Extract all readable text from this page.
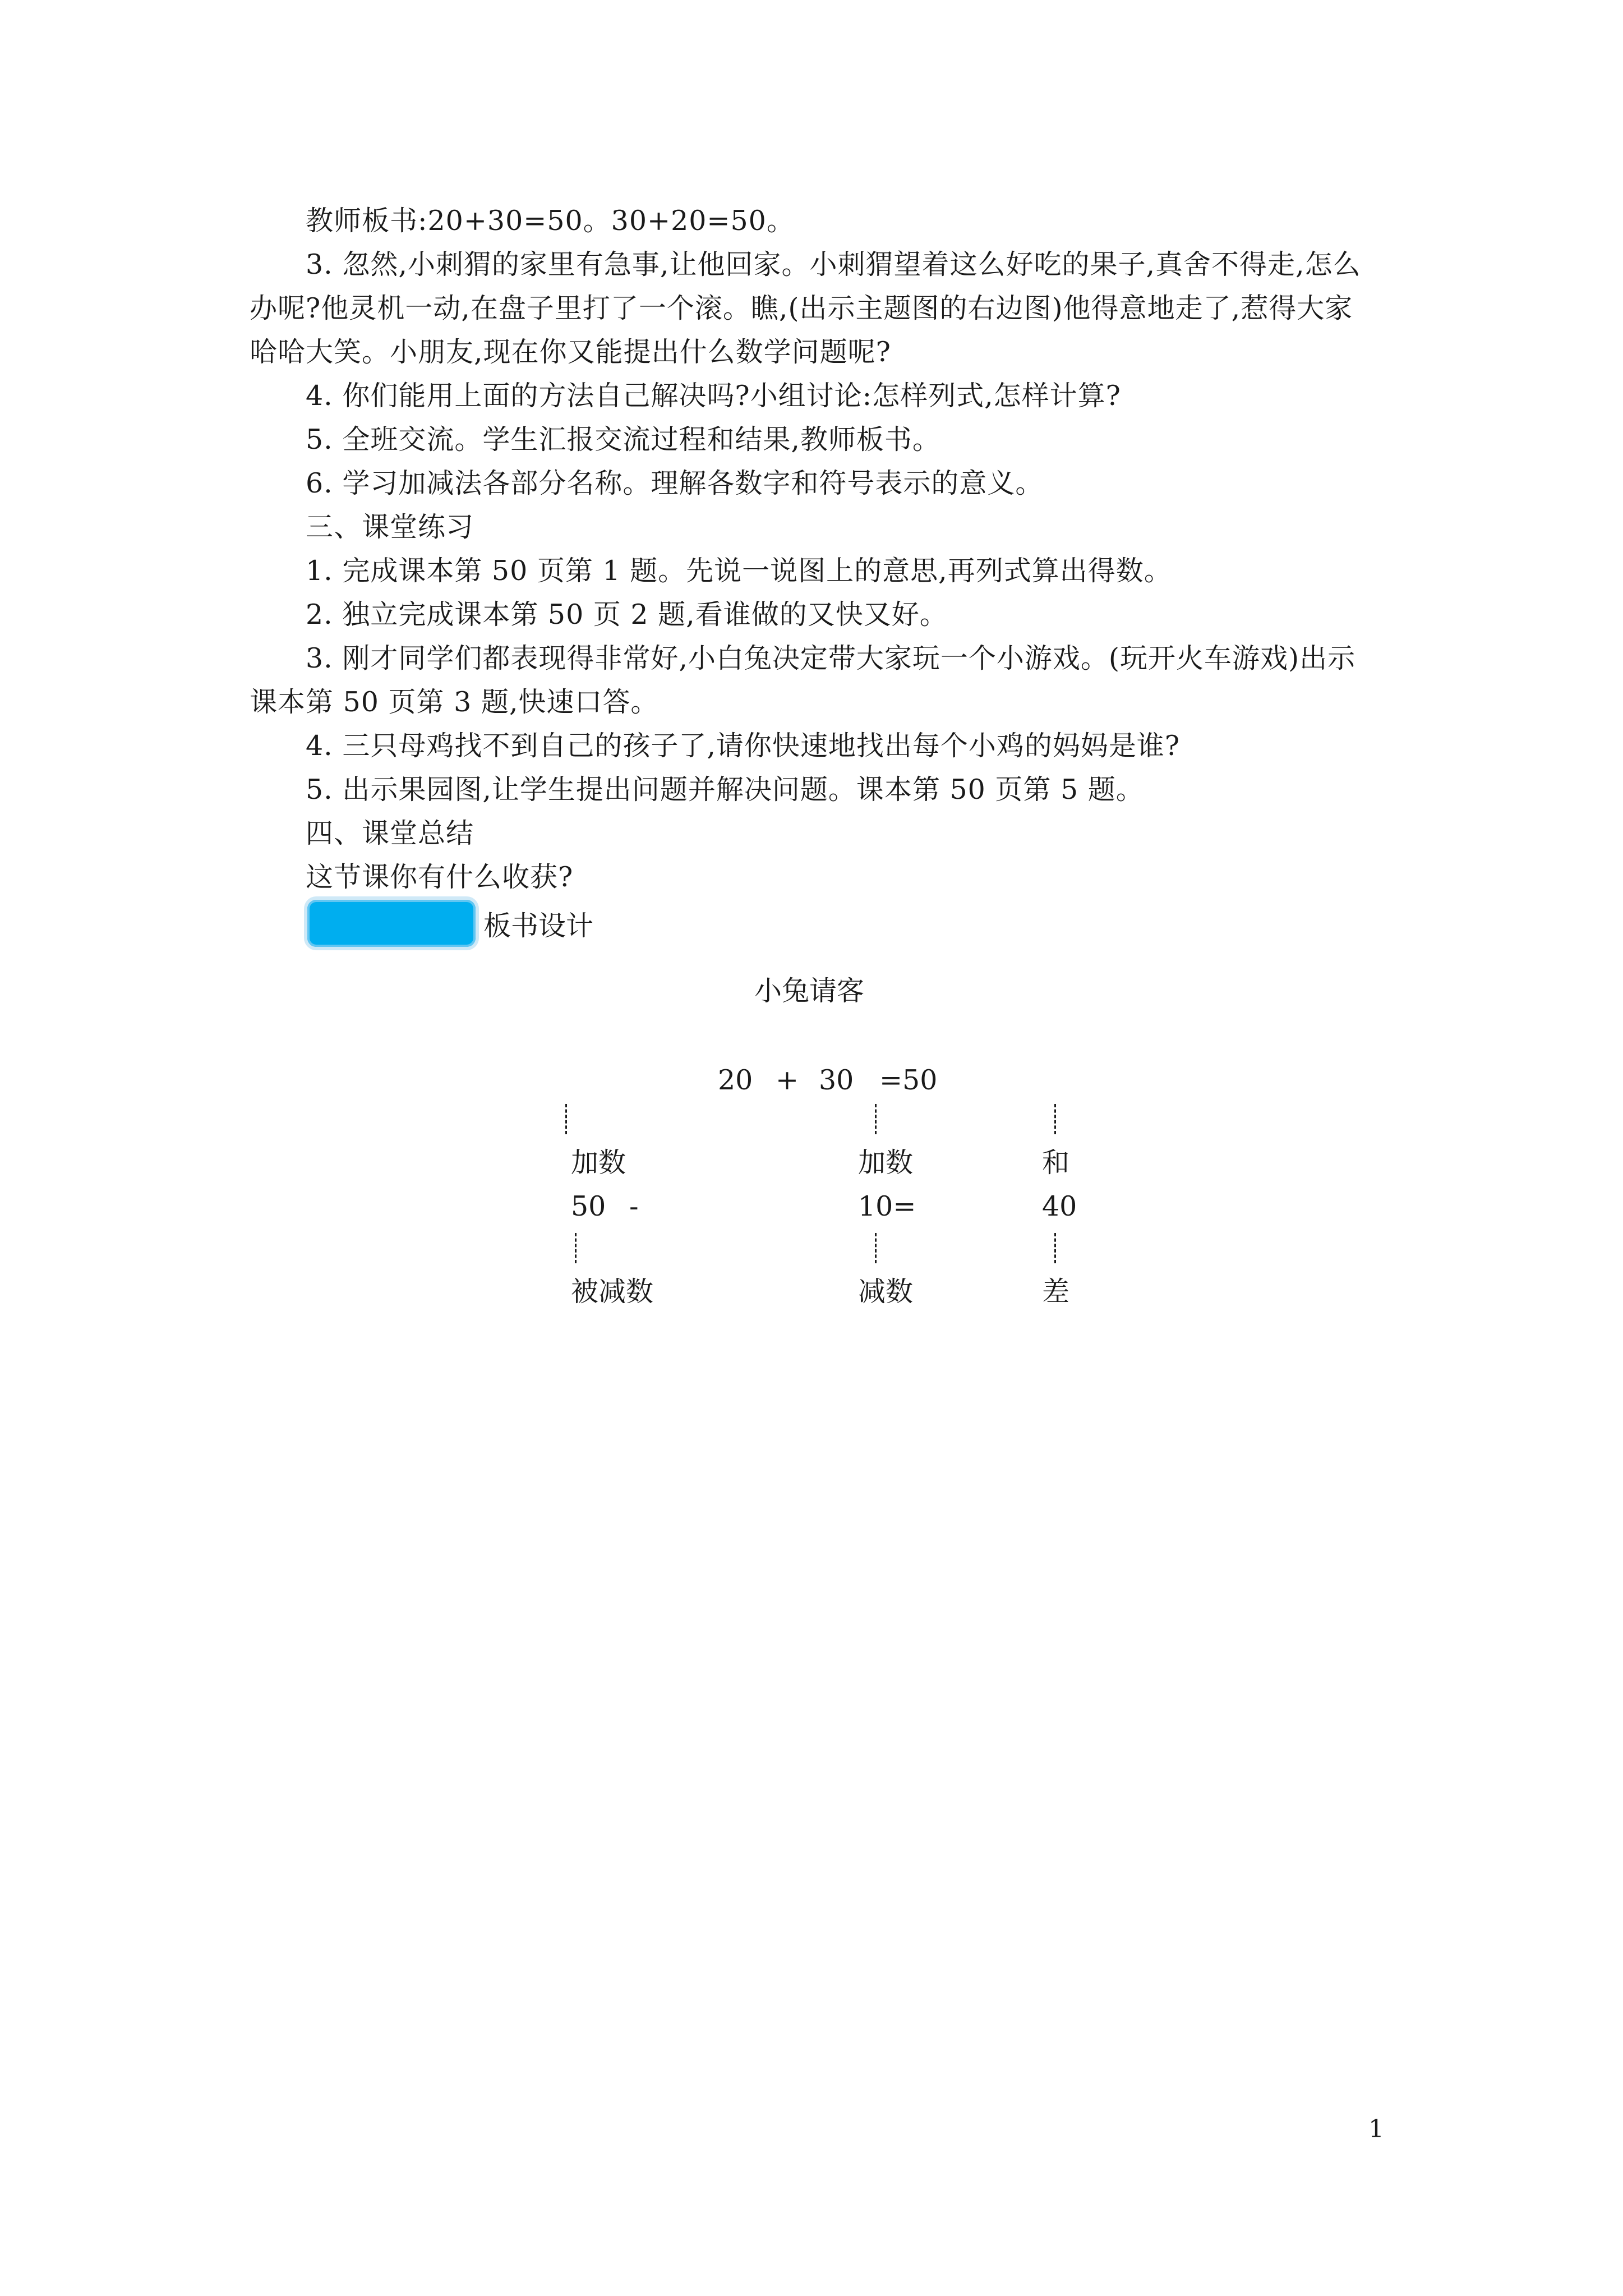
教师板书:20+30=50。30+20=50。
3. 忽然,小刺猬的家里有急事,让他回家。小刺猬望着这么好吃的果子,真舍不得走,怎么
办呢?他灵机一动,在盘子里打了一个滚。瞧,(出示主题图的右边图)他得意地走了,惹得大家
哈哈大笑。小朋友,现在你又能提出什么数学问题呢?
4. 你们能用上面的方法自己解决吗?小组讨论:怎样列式,怎样计算?
5. 全班交流。学生汇报交流过程和结果,教师板书。
6. 学习加减法各部分名称。理解各数字和符号表示的意义。
三、课堂练习
1. 完成课本第 50 页第 1 题。先说一说图上的意思,再列式算出得数。
2. 独立完成课本第 50 页 2 题,看谁做的又快又好。
3. 刚才同学们都表现得非常好,小白兔决定带大家玩一个小游戏。(玩开火车游戏)出示
课本第 50 页第 3 题,快速口答。
4. 三只母鸡找不到自己的孩子了,请你快速地找出每个小鸡的妈妈是谁?
5. 出示果园图,让学生提出问题并解决问题。课本第 50 页第 5 题。
四、课堂总结
这节课你有什么收获?
板书设计
小兔请客
20 + 30 =50
加数	加数	和
50 -	10=	40
被减数	减数	差
1
